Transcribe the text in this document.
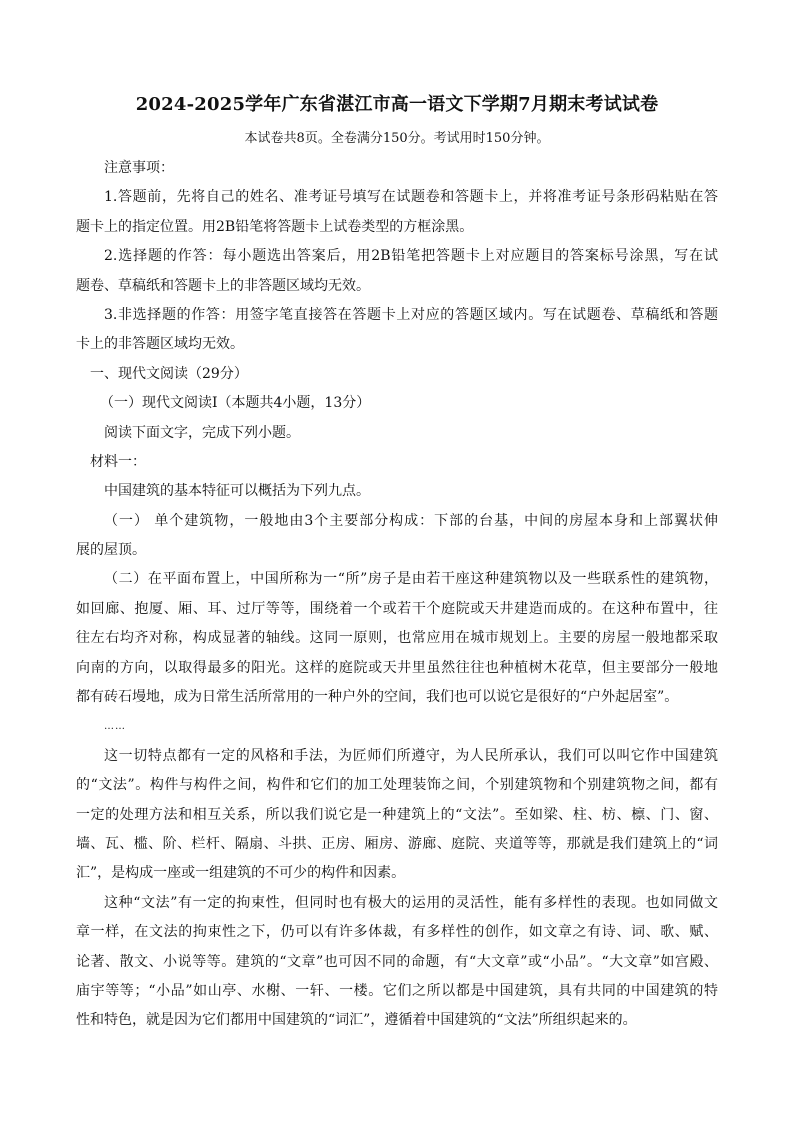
2024-2025学年广东省湛江市高一语文下学期7月期末考试试卷
本试卷共8页。全卷满分150分。考试用时150分钟。
注意事项：
1.答题前，先将自己的姓名、准考证号填写在试题卷和答题卡上，并将准考证号条形码粘贴在答
题卡上的指定位置。用2B铅笔将答题卡上试卷类型的方框涂黑。
2.选择题的作答：每小题选出答案后，用2B铅笔把答题卡上对应题目的答案标号涂黑，写在试
题卷、草稿纸和答题卡上的非答题区域均无效。
3.非选择题的作答：用签字笔直接答在答题卡上对应的答题区域内。写在试题卷、草稿纸和答题
卡上的非答题区域均无效。
一、现代文阅读（29分）
（一）现代文阅读Ⅰ（本题共4小题，13分）
阅读下面文字，完成下列小题。
材料一：
中国建筑的基本特征可以概括为下列九点。
（一） 单个建筑物，一般地由3个主要部分构成：下部的台基，中间的房屋本身和上部翼状伸
展的屋顶。
（二）在平面布置上，中国所称为一“所”房子是由若干座这种建筑物以及一些联系性的建筑物，
如回廊、抱厦、厢、耳、过厅等等，围绕着一个或若干个庭院或天井建造而成的。在这种布置中，往
往左右均齐对称，构成显著的轴线。这同一原则，也常应用在城市规划上。主要的房屋一般地都采取
向南的方向，以取得最多的阳光。这样的庭院或天井里虽然往往也种植树木花草，但主要部分一般地
都有砖石墁地，成为日常生活所常用的一种户外的空间，我们也可以说它是很好的“户外起居室”。
……
这一切特点都有一定的风格和手法，为匠师们所遵守，为人民所承认，我们可以叫它作中国建筑
的“文法”。构件与构件之间，构件和它们的加工处理装饰之间，个别建筑物和个别建筑物之间，都有
一定的处理方法和相互关系，所以我们说它是一种建筑上的“文法”。至如梁、柱、枋、檩、门、窗、
墙、瓦、槛、阶、栏杆、隔扇、斗拱、正房、厢房、游廊、庭院、夹道等等，那就是我们建筑上的“词
汇”，是构成一座或一组建筑的不可少的构件和因素。
这种“文法”有一定的拘束性，但同时也有极大的运用的灵活性，能有多样性的表现。也如同做文
章一样，在文法的拘束性之下，仍可以有许多体裁，有多样性的创作，如文章之有诗、词、歌、赋、
论著、散文、小说等等。建筑的“文章”也可因不同的命题，有“大文章”或“小品”。“大文章”如宫殿、
庙宇等等；“小品”如山亭、水榭、一轩、一楼。它们之所以都是中国建筑，具有共同的中国建筑的特
性和特色，就是因为它们都用中国建筑的“词汇”，遵循着中国建筑的“文法”所组织起来的。
